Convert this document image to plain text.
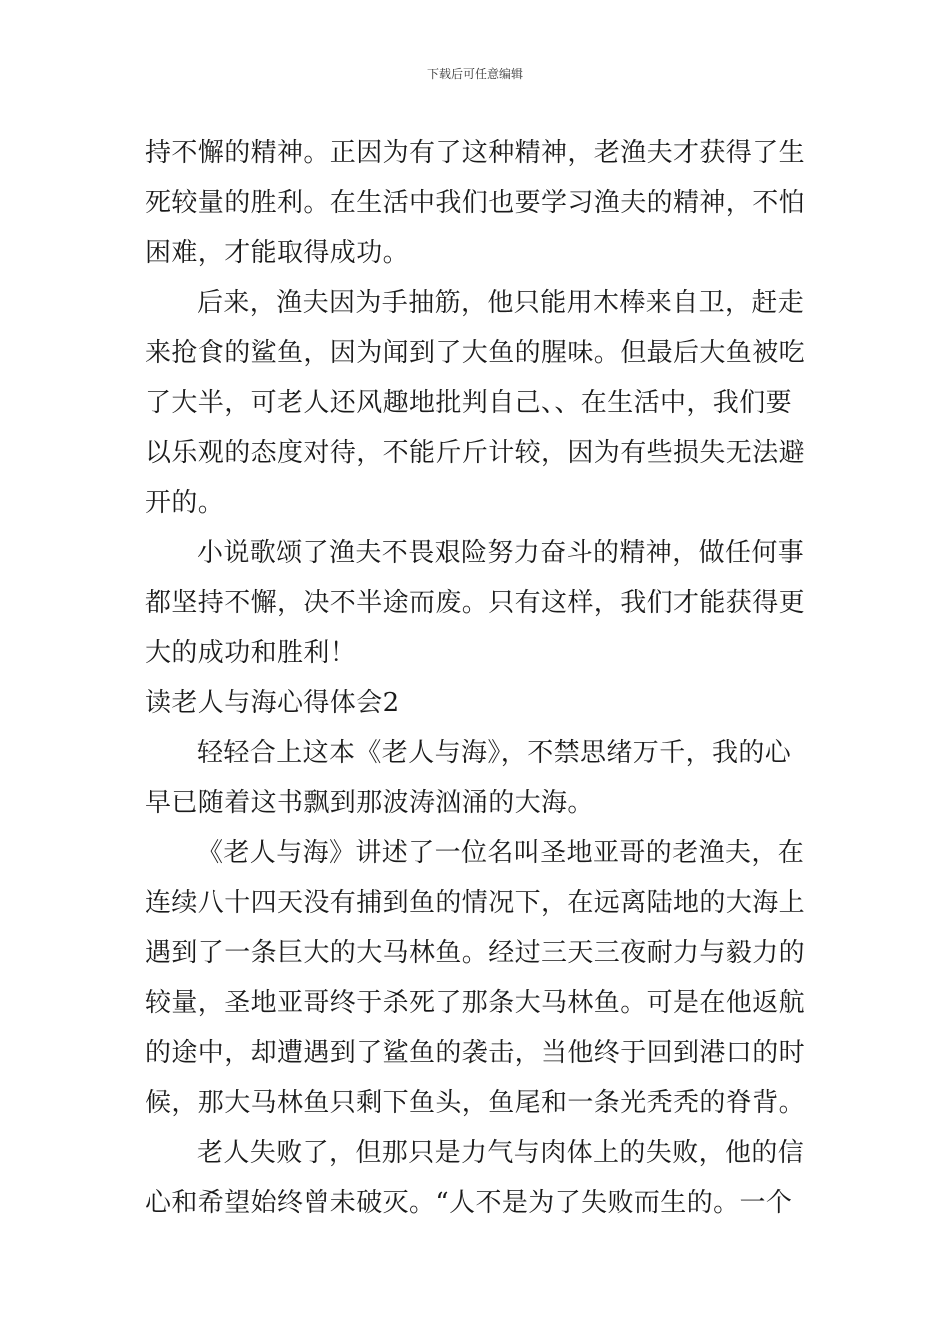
下载后可任意编辑

持不懈的精神。正因为有了这种精神，老渔夫才获得了生
死较量的胜利。在生活中我们也要学习渔夫的精神，不怕
困难，才能取得成功。

后来，渔夫因为手抽筋，他只能用木棒来自卫，赶走
来抢食的鲨鱼，因为闻到了大鱼的腥味。但最后大鱼被吃
了大半，可老人还风趣地批判自己、、在生活中，我们要
以乐观的态度对待，不能斤斤计较，因为有些损失无法避
开的。

小说歌颂了渔夫不畏艰险努力奋斗的精神，做任何事
都坚持不懈，决不半途而废。只有这样，我们才能获得更
大的成功和胜利！

读老人与海心得体会2

轻轻合上这本《老人与海》，不禁思绪万千，我的心
早已随着这书飘到那波涛汹涌的大海。

《老人与海》讲述了一位名叫圣地亚哥的老渔夫，在
连续八十四天没有捕到鱼的情况下，在远离陆地的大海上
遇到了一条巨大的大马林鱼。经过三天三夜耐力与毅力的
较量，圣地亚哥终于杀死了那条大马林鱼。可是在他返航
的途中，却遭遇到了鲨鱼的袭击，当他终于回到港口的时
候，那大马林鱼只剩下鱼头，鱼尾和一条光秃秃的脊背。

老人失败了，但那只是力气与肉体上的失败，他的信
心和希望始终曾未破灭。“人不是为了失败而生的。一个
